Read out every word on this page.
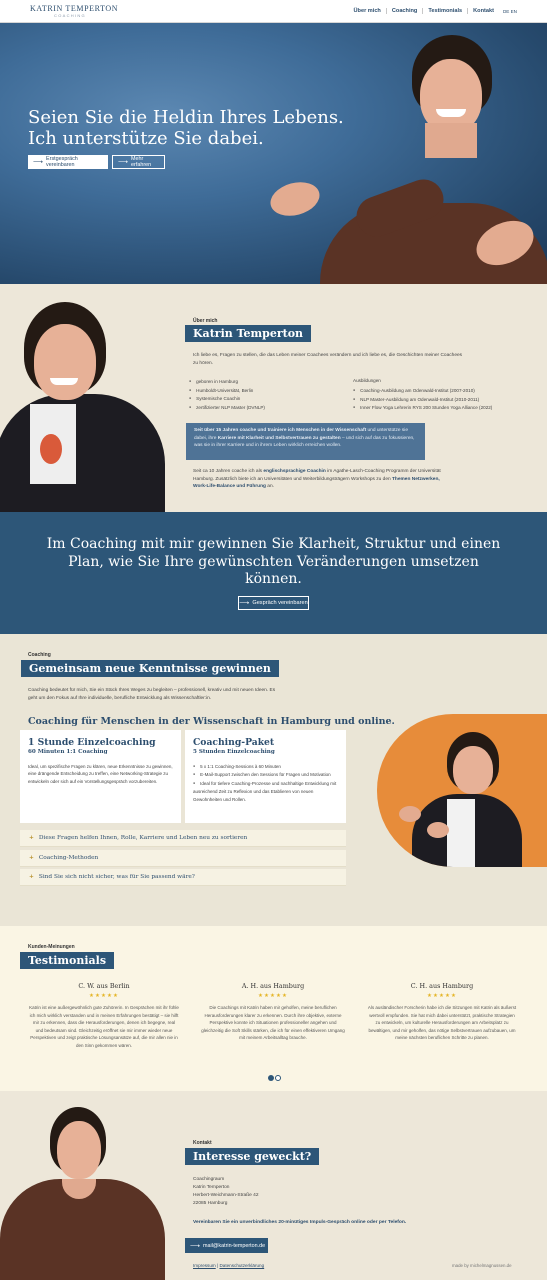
KATRIN TEMPERTON
COACHING
Über mich	Coaching	Testimonials	Kontakt	DE EN
Seien Sie die Heldin Ihres Lebens.
Ich unterstütze Sie dabei.
⟶ Erstgespräch vereinbaren	⟶ Mehr erfahren
Über mich
Katrin Temperton
Ich liebe es, Fragen zu stellen, die das Leben meiner Coachees verändern und ich liebe es, die Geschichten meiner Coachees zu hören.
● geboren in Hamburg
● Humboldt-Universität, Berlin
● Systemische Coachin
● zertifizierter NLP Master (DVNLP)
Ausbildungen
● Coaching-Ausbildung am Odenwald-Institut (2007-2010)
● NLP Master-Ausbildung am Odenwald-Institut (2010-2011)
● Inner Flow Yoga Lehrerin RYS 200 Stunden Yoga Alliance (2022)
Seit über 15 Jahren coache und trainiere ich Menschen in der Wissenschaft und unterstütze sie dabei, ihre Karriere mit Klarheit und Selbstvertrauen zu gestalten – und sich auf das zu fokussieren, was sie in ihrer Karriere und in ihrem Leben wirklich erreichen wollen.
Seit ca 10 Jahren coache ich als englischsprachige Coachin im Agathe-Lasch-Coaching Programm der Universität Hamburg. Zusätzlich biete ich an Universitäten und Weiterbildungsträgern Workshops zu den Themen Netzwerken, Work-Life-Balance und Führung an.
Im Coaching mit mir gewinnen Sie Klarheit, Struktur und einen Plan, wie Sie Ihre gewünschten Veränderungen umsetzen können.
⟶ Gespräch vereinbaren
Coaching
Gemeinsam neue Kenntnisse gewinnen
Coaching bedeutet für mich, Sie ein Stück Ihres Weges zu begleiten – professionell, kreativ und mit neuen Ideen. Es geht um den Fokus auf Ihre individuelle, berufliche Entwicklung als Wissenschaftler:in.
Coaching für Menschen in der Wissenschaft in Hamburg und online.
1 Stunde Einzelcoaching
60 Minuten 1:1 Coaching
Ideal, um spezifische Fragen zu klären, neue Erkenntnisse zu gewinnen, eine drängende Entscheidung zu treffen, eine Networking-Strategie zu entwickeln oder sich auf ein Vorstellungsgespräch vorzubereiten.
Coaching-Paket
5 Stunden Einzelcoaching
● 5 x 1:1 Coaching-Sessions à 60 Minuten
● E-Mail-Support zwischen den Sessions für Fragen und Motivation
● Ideal für tiefere Coaching-Prozesse und nachhaltige Entwicklung mit ausreichend Zeit zu Reflexion und das Etablieren von neuen Gewohnheiten und Rollen.
+ Diese Fragen helfen Ihnen, Rolle, Karriere und Leben neu zu sortieren
+ Coaching-Methoden
+ Sind Sie sich nicht sicher, was für Sie passend wäre?
Kunden-Meinungen
Testimonials
C. W. aus Berlin
★★★★★
Katrin ist eine außergewöhnlich gute Zuhörerin. In Gesprächen mit ihr fühle ich mich wirklich verstanden und in meinen Erfahrungen bestätigt – sie hilft mir zu erkennen, dass die Herausforderungen, denen ich begegne, real und bedeutsam sind. Gleichzeitig eröffnet sie mir immer wieder neue Perspektiven und zeigt praktische Lösungsansätze auf, die mir allen nie in den Sinn gekommen wären.
A. H. aus Hamburg
★★★★★
Die Coachings mit Katrin haben mir geholfen, meine beruflichen Herausforderungen klarer zu erkennen. Durch ihre objektive, externe Perspektive konnte ich Situationen professioneller angehen und gleichzeitig die Soft Skills stärken, die ich für einen effektiveren Umgang mit meinem Arbeitsalltag brauche.
C. H. aus Hamburg
★★★★★
Als ausländischer Forscherin habe ich die Sitzungen mit Katrin als äußerst wertvoll empfunden. Sie hat mich dabei unterstützt, praktische Strategien zu entwickeln, um kulturelle Herausforderungen am Arbeitsplatz zu bewältigen, und mir geholfen, das nötige Selbstvertrauen aufzubauen, um meine nächsten beruflichen Schritte zu planen.
Kontakt
Interesse geweckt?
Coachingraum
Katrin Temperton
Herbert-Weichmann-Straße 42
22085 Hamburg
Vereinbaren Sie ein unverbindliches 20-minütiges Impuls-Gespräch online oder per Telefon.
⟶ mail@katrin-temperton.de
Impressum | Datenschutzerklärung	made by michelmagnussen.de
